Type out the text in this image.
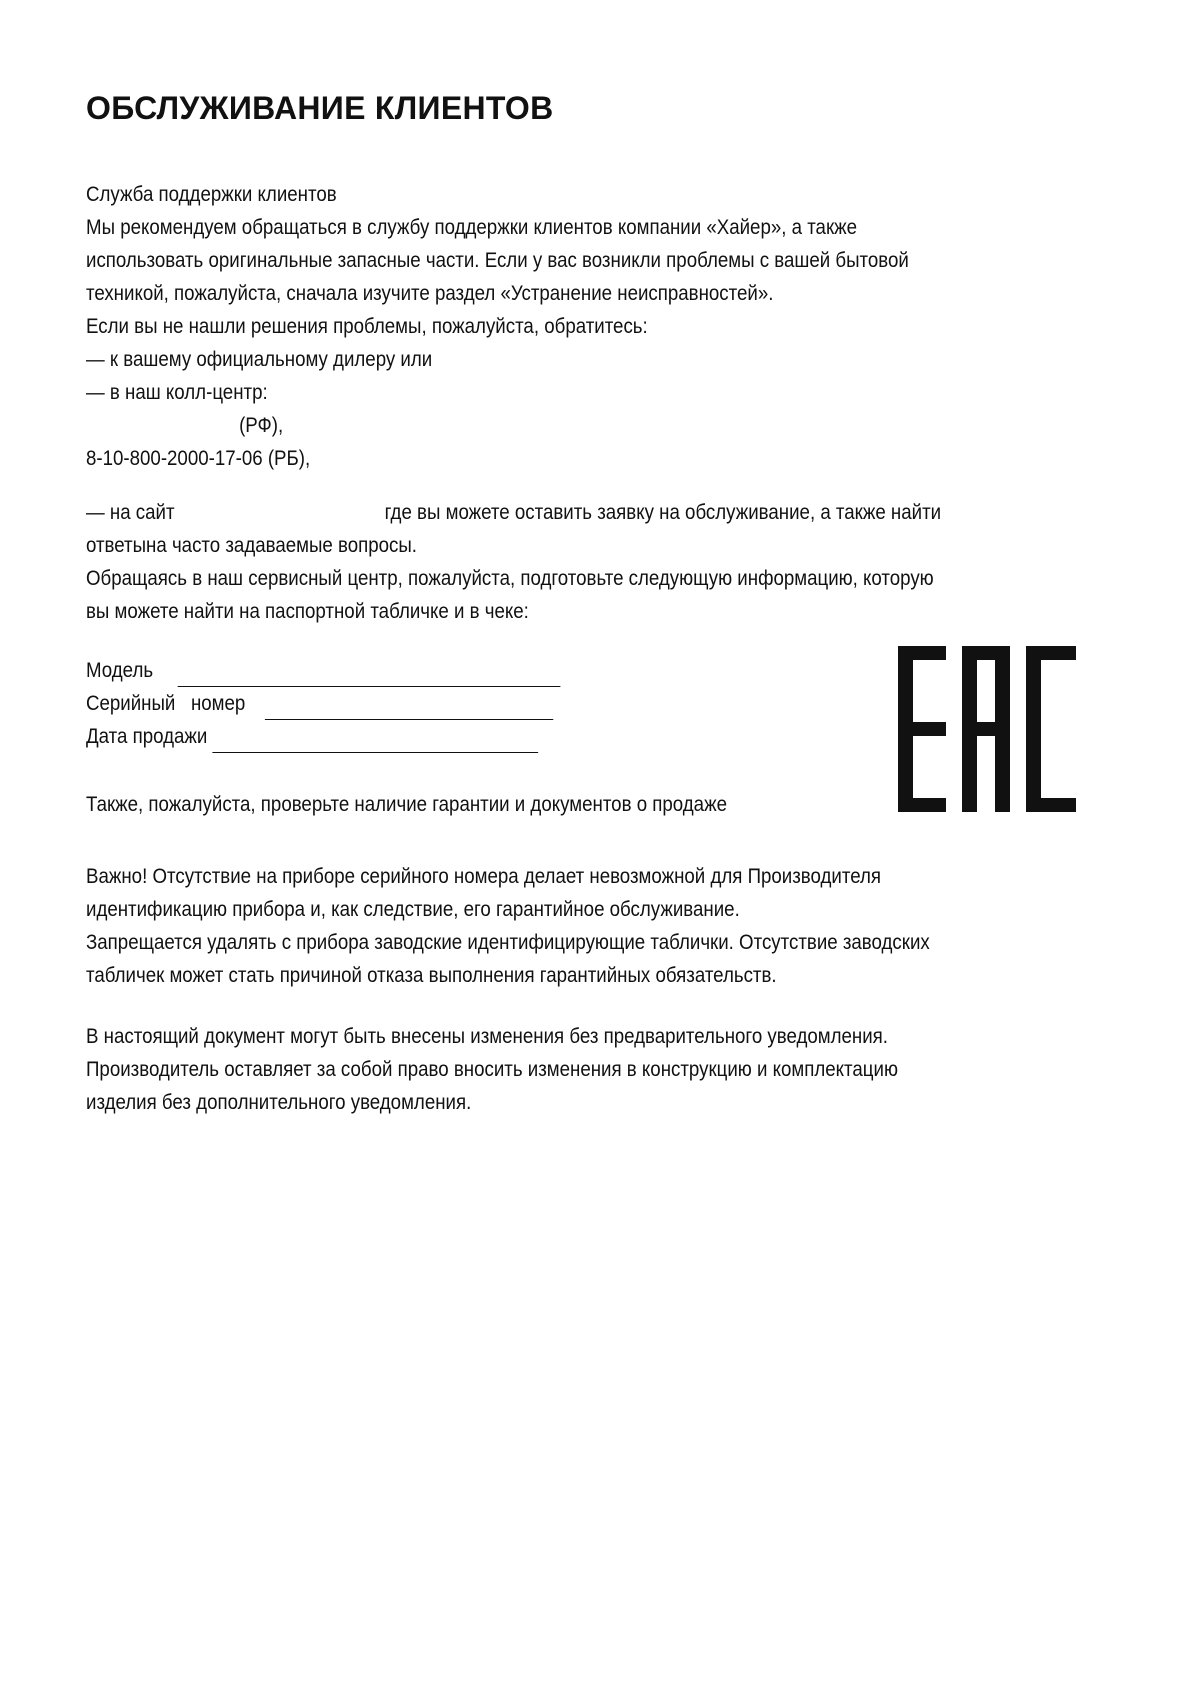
ОБСЛУЖИВАНИЕ КЛИЕНТОВ
Служба поддержки клиентов
Мы рекомендуем обращаться в службу поддержки клиентов компании «Хайер», а также
использовать оригинальные запасные части. Если у вас возникли проблемы с вашей бытовой
техникой, пожалуйста, сначала изучите раздел «Устранение неисправностей».
Если вы не нашли решения проблемы, пожалуйста, обратитесь:
— к вашему официальному дилеру или
— в наш колл-центр:
(РФ),
8-10-800-2000-17-06 (РБ),
— на сайт	где вы можете оставить заявку на обслуживание, а также найти
ответына часто задаваемые вопросы.
Обращаясь в наш сервисный центр, пожалуйста, подготовьте следующую информацию, которую
вы можете найти на паспортной табличке и в чеке:
Модель
Серийный номер
Дата продажи
Также, пожалуйста, проверьте наличие гарантии и документов о продаже
Важно! Отсутствие на приборе серийного номера делает невозможной для Производителя
идентификацию прибора и, как следствие, его гарантийное обслуживание.
Запрещается удалять с прибора заводские идентифицирующие таблички. Отсутствие заводских
табличек может стать причиной отказа выполнения гарантийных обязательств.
В настоящий документ могут быть внесены изменения без предварительного уведомления.
Производитель оставляет за собой право вносить изменения в конструкцию и комплектацию
изделия без дополнительного уведомления.
